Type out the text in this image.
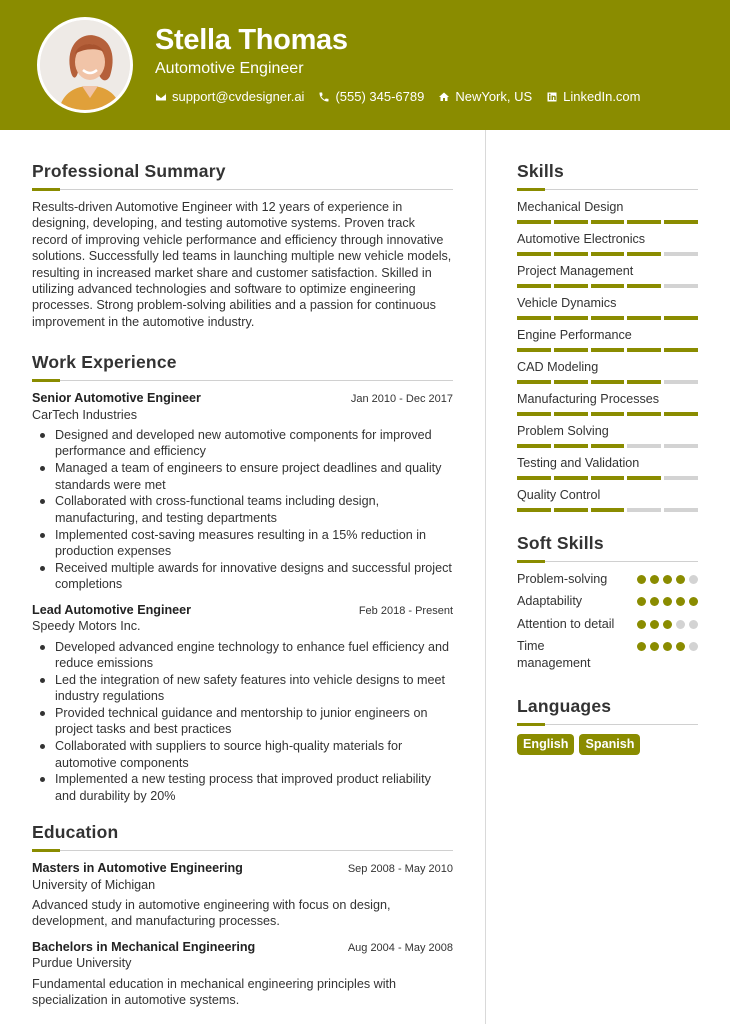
Stella Thomas
Automotive Engineer
support@cvdesigner.ai (555) 345-6789 NewYork, US LinkedIn.com
Professional Summary

Results-driven Automotive Engineer with 12 years of experience in designing, developing, and testing automotive systems. Proven track record of improving vehicle performance and efficiency through innovative solutions. Successfully led teams in launching multiple new vehicle models, resulting in increased market share and customer satisfaction. Skilled in utilizing advanced technologies and software to optimize engineering processes. Strong problem-solving abilities and a passion for continuous improvement in the automotive industry.

Work Experience
Senior Automotive Engineer	Jan 2010 - Dec 2017
CarTech Industries
Designed and developed new automotive components for improved performance and efficiency
Managed a team of engineers to ensure project deadlines and quality standards were met
Collaborated with cross-functional teams including design, manufacturing, and testing departments
Implemented cost-saving measures resulting in a 15% reduction in production expenses
Received multiple awards for innovative designs and successful project completions
Lead Automotive Engineer	Feb 2018 - Present
Speedy Motors Inc.
Developed advanced engine technology to enhance fuel efficiency and reduce emissions
Led the integration of new safety features into vehicle designs to meet industry regulations
Provided technical guidance and mentorship to junior engineers on project tasks and best practices
Collaborated with suppliers to source high-quality materials for automotive components
Implemented a new testing process that improved product reliability and durability by 20%
Education
Masters in Automotive Engineering	Sep 2008 - May 2010
University of Michigan
Advanced study in automotive engineering with focus on design, development, and manufacturing processes.
Bachelors in Mechanical Engineering	Aug 2004 - May 2008
Purdue University
Fundamental education in mechanical engineering principles with specialization in automotive systems.
Skills
Mechanical Design
Automotive Electronics
Project Management
Vehicle Dynamics
Engine Performance
CAD Modeling
Manufacturing Processes
Problem Solving
Testing and Validation
Quality Control
Soft Skills
Problem-solving
Adaptability
Attention to detail
Time management
Languages
English	Spanish
